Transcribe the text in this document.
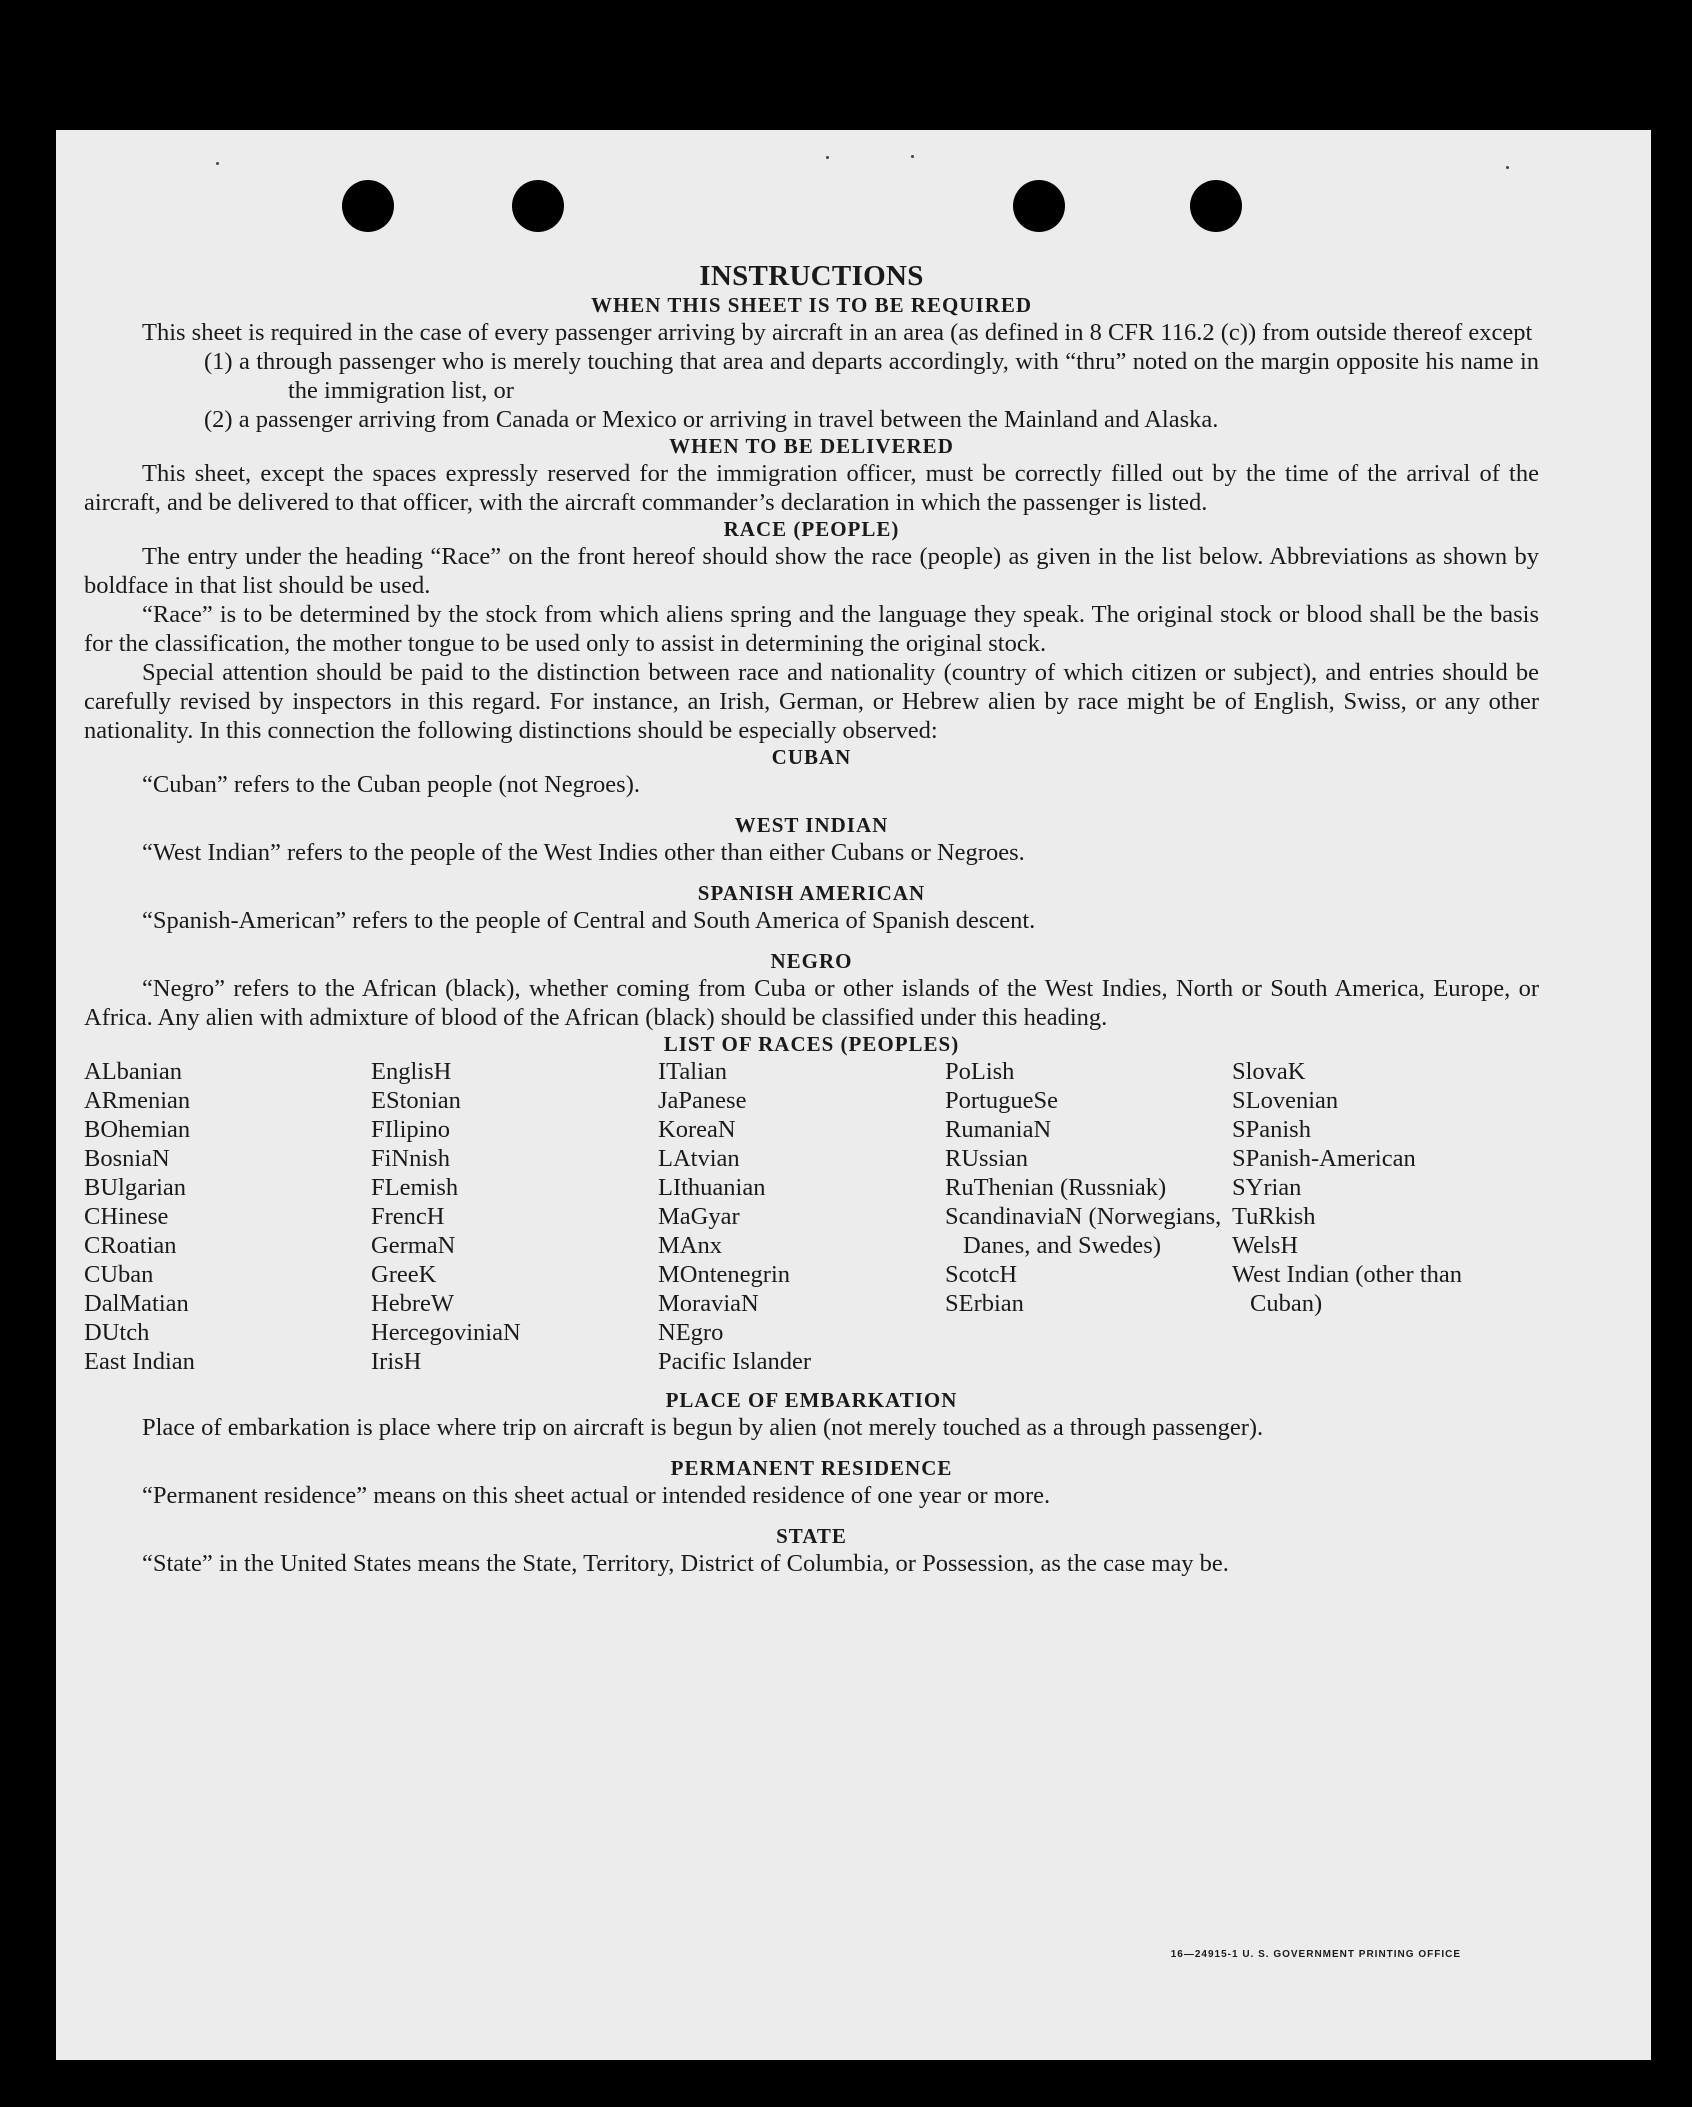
INSTRUCTIONS
WHEN THIS SHEET IS TO BE REQUIRED

This sheet is required in the case of every passenger arriving by aircraft in an area (as defined in 8 CFR 116.2 (c)) from outside thereof except

(1) a through passenger who is merely touching that area and departs accordingly, with “thru” noted on the margin opposite his name in the immigration list, or

(2) a passenger arriving from Canada or Mexico or arriving in travel between the Mainland and Alaska.

WHEN TO BE DELIVERED

This sheet, except the spaces expressly reserved for the immigration officer, must be correctly filled out by the time of the arrival of the aircraft, and be delivered to that officer, with the aircraft commander’s declaration in which the passenger is listed.

RACE (PEOPLE)

The entry under the heading “Race” on the front hereof should show the race (people) as given in the list below. Abbreviations as shown by boldface in that list should be used.

“Race” is to be determined by the stock from which aliens spring and the language they speak. The original stock or blood shall be the basis for the classification, the mother tongue to be used only to assist in determining the original stock.

Special attention should be paid to the distinction between race and nationality (country of which citizen or subject), and entries should be carefully revised by inspectors in this regard. For instance, an Irish, German, or Hebrew alien by race might be of English, Swiss, or any other nationality. In this connection the following distinctions should be especially observed:

CUBAN

“Cuban” refers to the Cuban people (not Negroes).

WEST INDIAN

“West Indian” refers to the people of the West Indies other than either Cubans or Negroes.

SPANISH AMERICAN

“Spanish-American” refers to the people of Central and South America of Spanish descent.

NEGRO

“Negro” refers to the African (black), whether coming from Cuba or other islands of the West Indies, North or South America, Europe, or Africa. Any alien with admixture of blood of the African (black) should be classified under this heading.

LIST OF RACES (PEOPLES)
ALbanian
ARmenian
BOhemian
BosniaN
BUlgarian
CHinese
CRoatian
CUban
DalMatian
DUtch
East Indian
EnglisH
EStonian
FIlipino
FiNnish
FLemish
FrencH
GermaN
GreeK
HebreW
HercegoviniaN
IrisH
ITalian
JaPanese
KoreaN
LAtvian
LIthuanian
MaGyar
MAnx
MOntenegrin
MoraviaN
NEgro
Pacific Islander
PoLish
PortugueSe
RumaniaN
RUssian
RuThenian (Russniak)
ScandinaviaN (Norwegians, Danes, and Swedes)
ScotcH
SErbian
SlovaK
SLovenian
SPanish
SPanish-American
SYrian
TuRkish
WelsH
West Indian (other than Cuban)
PLACE OF EMBARKATION

Place of embarkation is place where trip on aircraft is begun by alien (not merely touched as a through passenger).

PERMANENT RESIDENCE

“Permanent residence” means on this sheet actual or intended residence of one year or more.

STATE

“State” in the United States means the State, Territory, District of Columbia, or Possession, as the case may be.

16—24915-1 U. S. GOVERNMENT PRINTING OFFICE
